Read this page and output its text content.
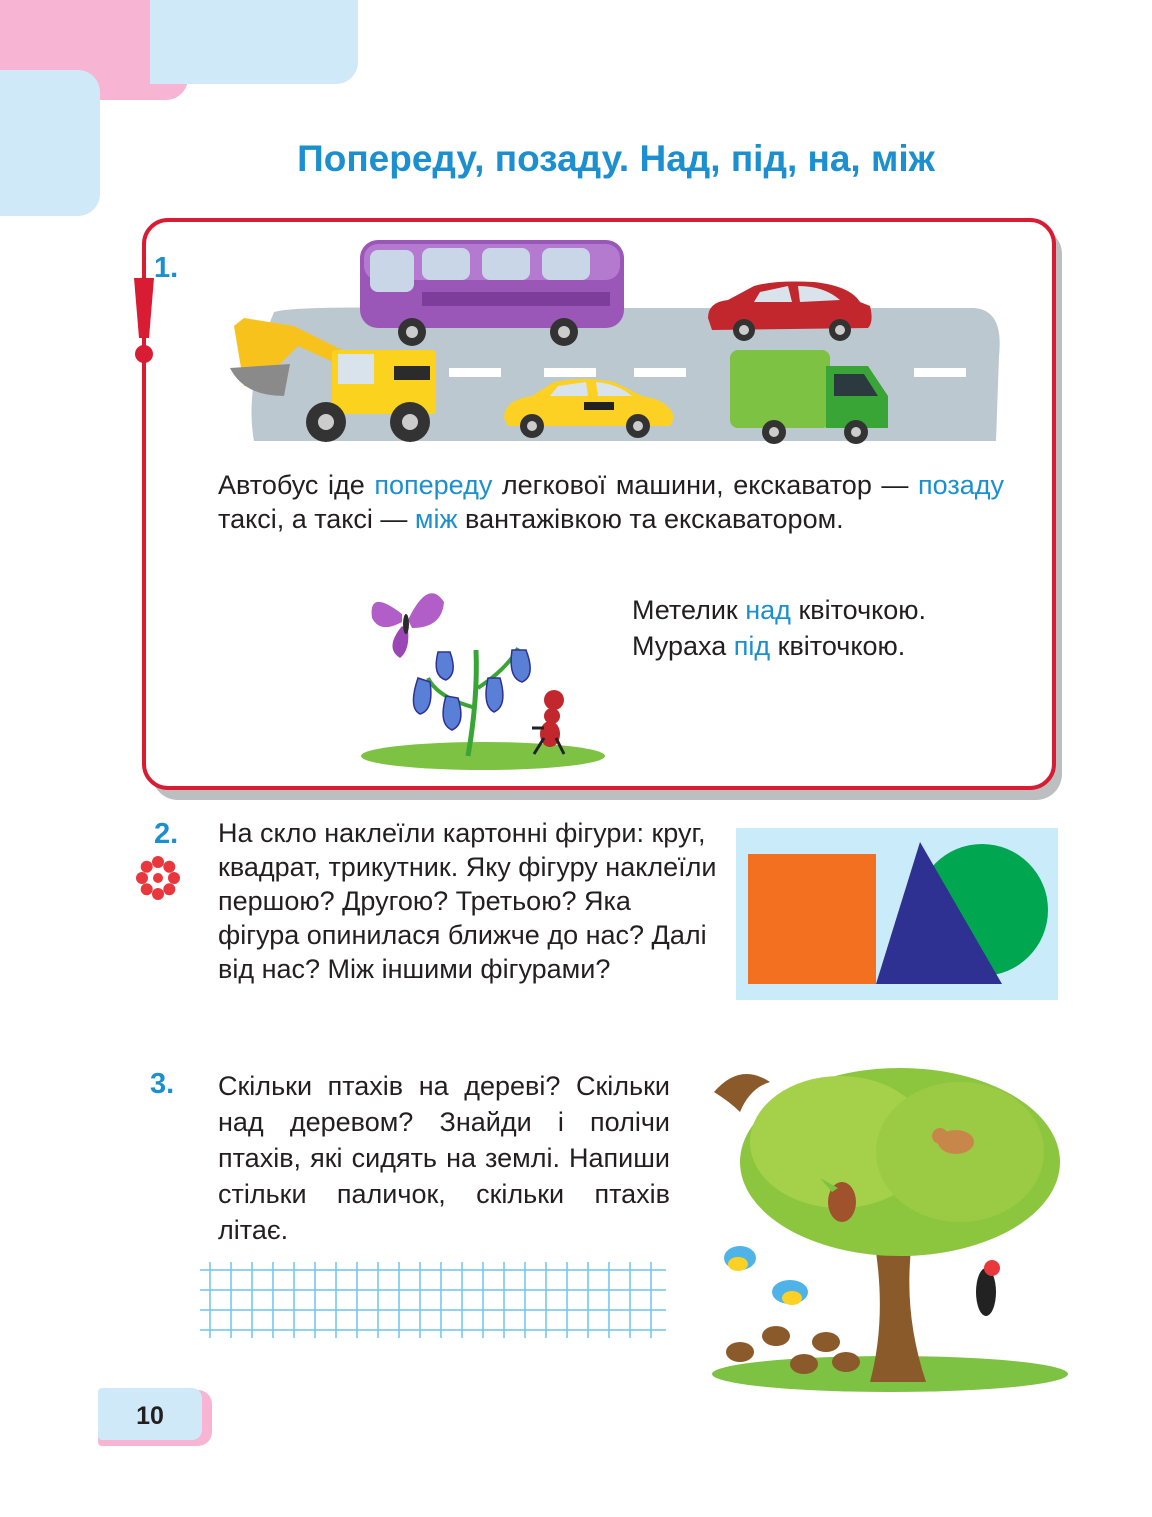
Попереду, позаду. Над, під, на, між
1.
Автобус іде попереду легкової машини, екскаватор — позаду таксі, а таксі — між вантажівкою та екскаватором.
Метелик над квіточкою.
Мураха під квіточкою.
2. На скло наклеїли картонні фігури: круг, квадрат, трикутник. Яку фігуру наклеїли першою? Другою? Третьою? Яка фігура опинилася ближче до нас? Далі від нас? Між іншими фігурами?
3. Скільки птахів на дереві? Скільки над деревом? Знайди і полічи птахів, які сидять на землі. Напиши стільки паличок, скільки птахів літає.
10
